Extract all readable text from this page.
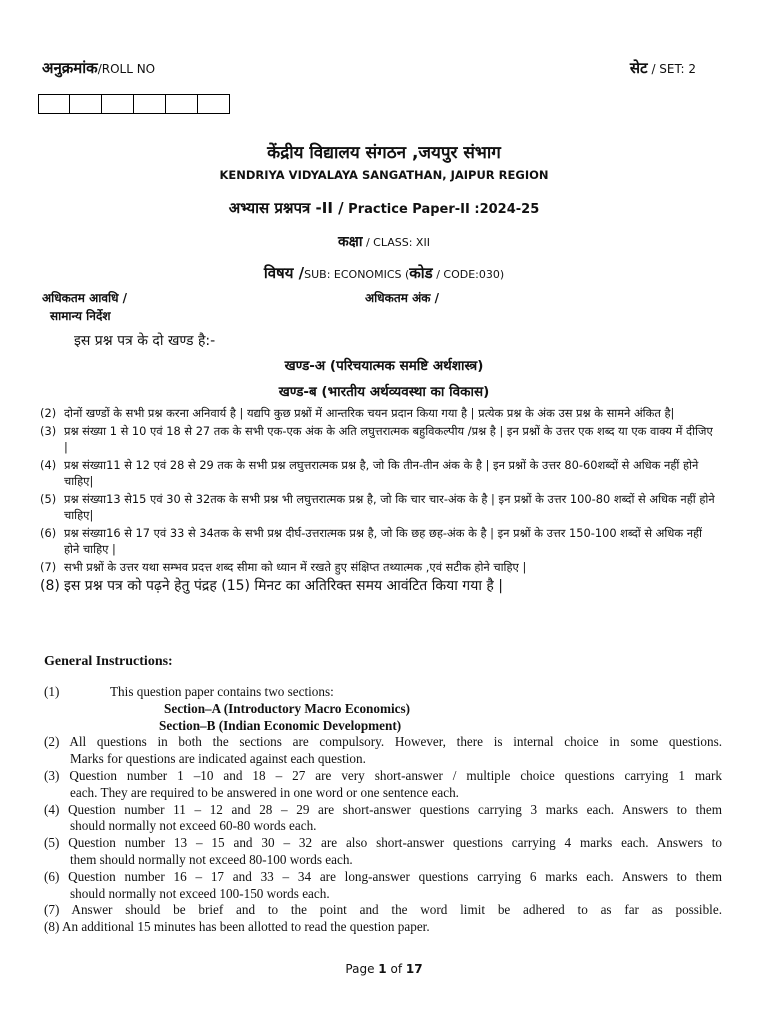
अनुक्रमांक/ROLL NO	सेट / SET: 2
केंद्रीय विद्यालय संगठन ,जयपुर संभाग
KENDRIYA VIDYALAYA SANGATHAN, JAIPUR REGION
अभ्यास प्रश्नपत्र -II / Practice Paper-II :2024-25
कक्षा / CLASS: XII
विषय /SUB: ECONOMICS (कोड / CODE:030)
अधिकतम आवधि /	अधिकतम अंक /
सामान्य निर्देश
इस प्रश्न पत्र के दो खण्ड है:-
खण्ड-अ (परिचयात्मक समष्टि अर्थशास्त्र)
खण्ड-ब (भारतीय अर्थव्यवस्था का विकास)
(2) दोनों खण्डों के सभी प्रश्न करना अनिवार्य है | यद्यपि कुछ प्रश्नों में आन्तरिक चयन प्रदान किया गया है | प्रत्येक प्रश्न के अंक उस प्रश्न के सामने अंकित है|
(3) प्रश्न संख्या 1 से 10 एवं 18 से 27 तक के सभी एक-एक अंक के अति लघुत्तरात्मक बहुविकल्पीय /प्रश्न है | इन प्रश्नों के उत्तर एक शब्द या एक वाक्य में दीजिए |
(4) प्रश्न संख्या11 से 12 एवं 28 से 29 तक के सभी प्रश्न लघुत्तरात्मक प्रश्न है, जो कि तीन-तीन अंक के है | इन प्रश्नों के उत्तर 80-60शब्दों से अधिक नहीं होने चाहिए|
(5) प्रश्न संख्या13 से15 एवं 30 से 32तक के सभी प्रश्न भी लघुत्तरात्मक प्रश्न है, जो कि चार चार-अंक के है | इन प्रश्नों के उत्तर 100-80 शब्दों से अधिक नहीं होने चाहिए|
(6) प्रश्न संख्या16 से 17 एवं 33 से 34तक के सभी प्रश्न दीर्घ-उत्तरात्मक प्रश्न है, जो कि छह छह-अंक के है | इन प्रश्नों के उत्तर 150-100 शब्दों से अधिक नहीं होने चाहिए |
(7) सभी प्रश्नों के उत्तर यथा सम्भव प्रदत्त शब्द सीमा को ध्यान में रखते हुए संक्षिप्त तथ्यात्मक ,एवं सटीक होने चाहिए |
(8) इस प्रश्न पत्र को पढ़ने हेतु पंद्रह (15) मिनट का अतिरिक्त समय आवंटित किया गया है |
General Instructions:
(1)	This question paper contains two sections:
Section–A (Introductory Macro Economics)
Section–B (Indian Economic Development)
(2) All questions in both the sections are compulsory. However, there is internal choice in some questions.
Marks for questions are indicated against each question.
(3) Question number 1 –10 and 18 – 27 are very short-answer / multiple choice questions carrying 1 mark
each. They are required to be answered in one word or one sentence each.
(4) Question number 11 – 12 and 28 – 29 are short-answer questions carrying 3 marks each. Answers to them
should normally not exceed 60-80 words each.
(5) Question number 13 – 15 and 30 – 32 are also short-answer questions carrying 4 marks each. Answers to
them should normally not exceed 80-100 words each.
(6) Question number 16 – 17 and 33 – 34 are long-answer questions carrying 6 marks each. Answers to them
should normally not exceed 100-150 words each.
(7) Answer should be brief and to the point and the word limit be adhered to as far as possible.
(8) An additional 15 minutes has been allotted to read the question paper.
Page 1 of 17
